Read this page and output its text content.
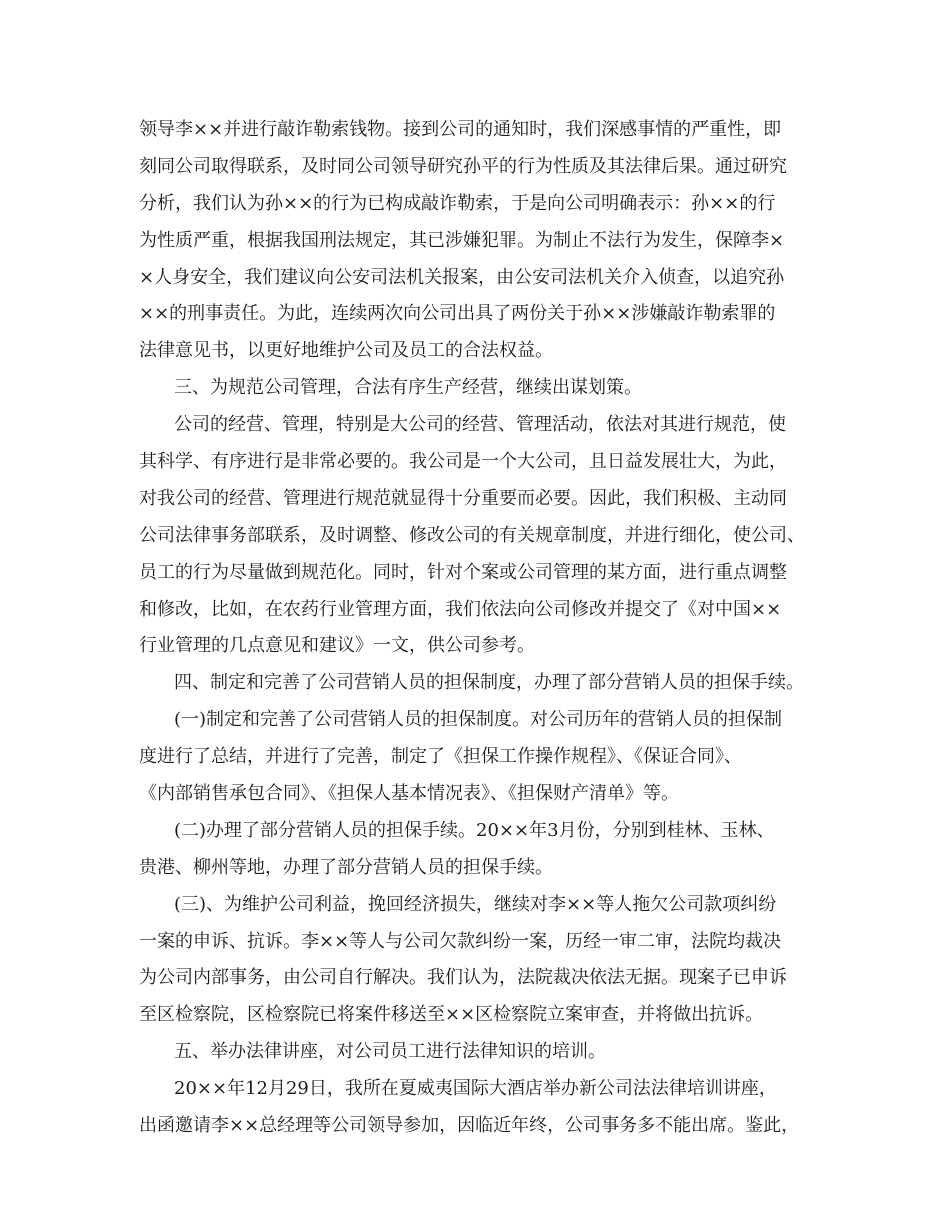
领导李××并进行敲诈勒索钱物。接到公司的通知时，我们深感事情的严重性，即
刻同公司取得联系，及时同公司领导研究孙平的行为性质及其法律后果。通过研究
分析，我们认为孙××的行为已构成敲诈勒索，于是向公司明确表示：孙××的行
为性质严重，根据我国刑法规定，其已涉嫌犯罪。为制止不法行为发生，保障李×
×人身安全，我们建议向公安司法机关报案，由公安司法机关介入侦查，以追究孙
××的刑事责任。为此，连续两次向公司出具了两份关于孙××涉嫌敲诈勒索罪的
法律意见书，以更好地维护公司及员工的合法权益。
三、为规范公司管理，合法有序生产经营，继续出谋划策。
公司的经营、管理，特别是大公司的经营、管理活动，依法对其进行规范，使
其科学、有序进行是非常必要的。我公司是一个大公司，且日益发展壮大，为此，
对我公司的经营、管理进行规范就显得十分重要而必要。因此，我们积极、主动同
公司法律事务部联系，及时调整、修改公司的有关规章制度，并进行细化，使公司、
员工的行为尽量做到规范化。同时，针对个案或公司管理的某方面，进行重点调整
和修改，比如，在农药行业管理方面，我们依法向公司修改并提交了《对中国××
行业管理的几点意见和建议》一文，供公司参考。
四、制定和完善了公司营销人员的担保制度，办理了部分营销人员的担保手续。
(一)制定和完善了公司营销人员的担保制度。对公司历年的营销人员的担保制
度进行了总结，并进行了完善，制定了《担保工作操作规程》、《保证合同》、
《内部销售承包合同》、《担保人基本情况表》、《担保财产清单》等。
(二)办理了部分营销人员的担保手续。20××年3月份，分别到桂林、玉林、
贵港、柳州等地，办理了部分营销人员的担保手续。
(三)、为维护公司利益，挽回经济损失，继续对李××等人拖欠公司款项纠纷
一案的申诉、抗诉。李××等人与公司欠款纠纷一案，历经一审二审，法院均裁决
为公司内部事务，由公司自行解决。我们认为，法院裁决依法无据。现案子已申诉
至区检察院，区检察院已将案件移送至××区检察院立案审查，并将做出抗诉。
五、举办法律讲座，对公司员工进行法律知识的培训。
20××年12月29日，我所在夏威夷国际大酒店举办新公司法法律培训讲座，
出函邀请李××总经理等公司领导参加，因临近年终，公司事务多不能出席。鉴此，
